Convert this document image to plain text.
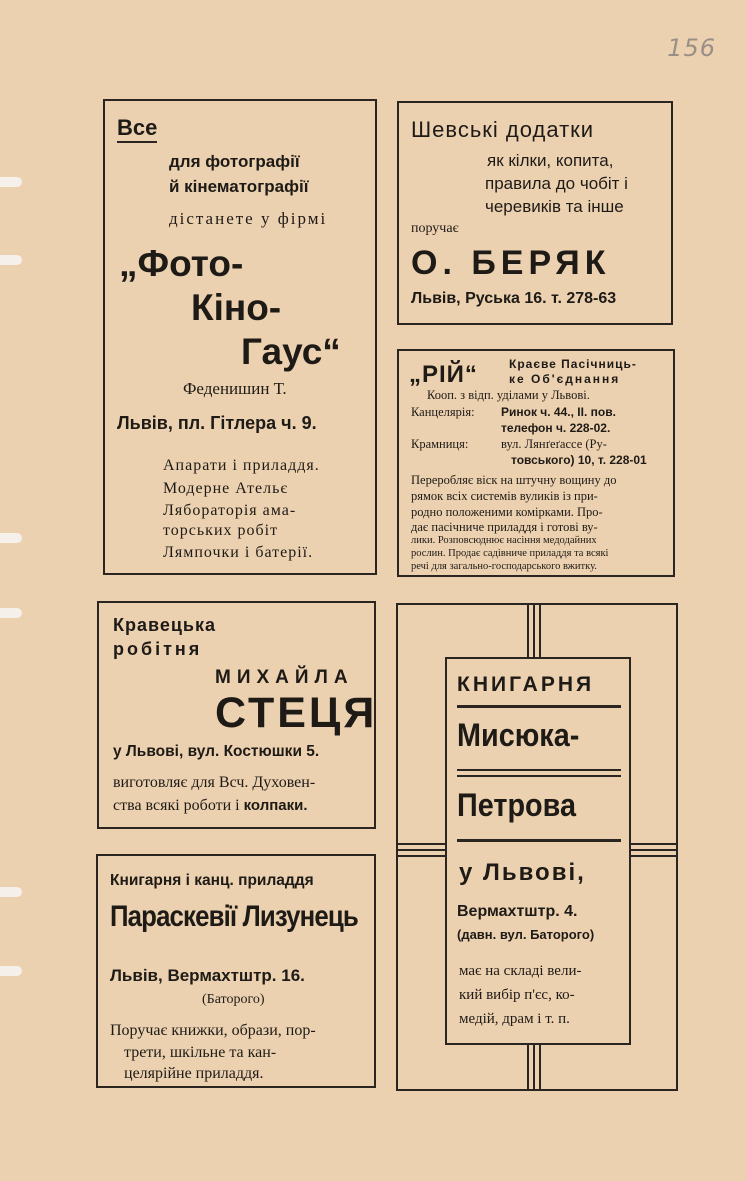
156
Все
для фотографії
й кінематографії
дістанете у фірмі
„Фото-
Кіно-
Гаус“
Феденишин Т.
Львів, пл. Гітлера ч. 9.
Апарати і приладдя.
Модерне Ательє
Лябораторія ама-
торських робіт
Лямпочки і батерії.
Шевські додатки
як кілки, копита,
правила до чобіт і
черевиків та інше
поручає
О. БЕРЯК
Львів, Руська 16. т. 278-63
„РІЙ“	Краєве Пасічниць-
ке Об'єднання
Кооп. з відп. уділами у Львові.
Канцелярія: Ринок ч. 44., II. пов.
телефон ч. 228-02.
Крамниця:	вул. Лянґеґассе (Ру-
товського) 10, т. 228-01
Переробляє віск на штучну вощину до
рямок всіх системів вуликів із при-
родно положеними комірками. Про-
дає пасічниче приладдя і готові ву-
лики. Розповсюднює насіння медодайних
рослин. Продає садівниче приладдя та всякі
речі для загально-господарського вжитку.
Кравецька
робітня
МИХАЙЛА
СТЕЦЯ
у Львові, вул. Костюшки 5.
виготовляє для Всч. Духовен-
ства всякі роботи і колпаки.
Книгарня і канц. приладдя
Параскевії Лизунець
Львів, Вермахтштр. 16.
(Баторого)
Поручає книжки, образи, пор-
трети, шкільне та кан-
целярійне приладдя.
КНИГАРНЯ
Мисюка-
Петрова
у Львові,
Вермахтштр. 4.
(давн. вул. Баторого)
має на складі вели-
кий вибір п'єс, ко-
медій, драм і т. п.
